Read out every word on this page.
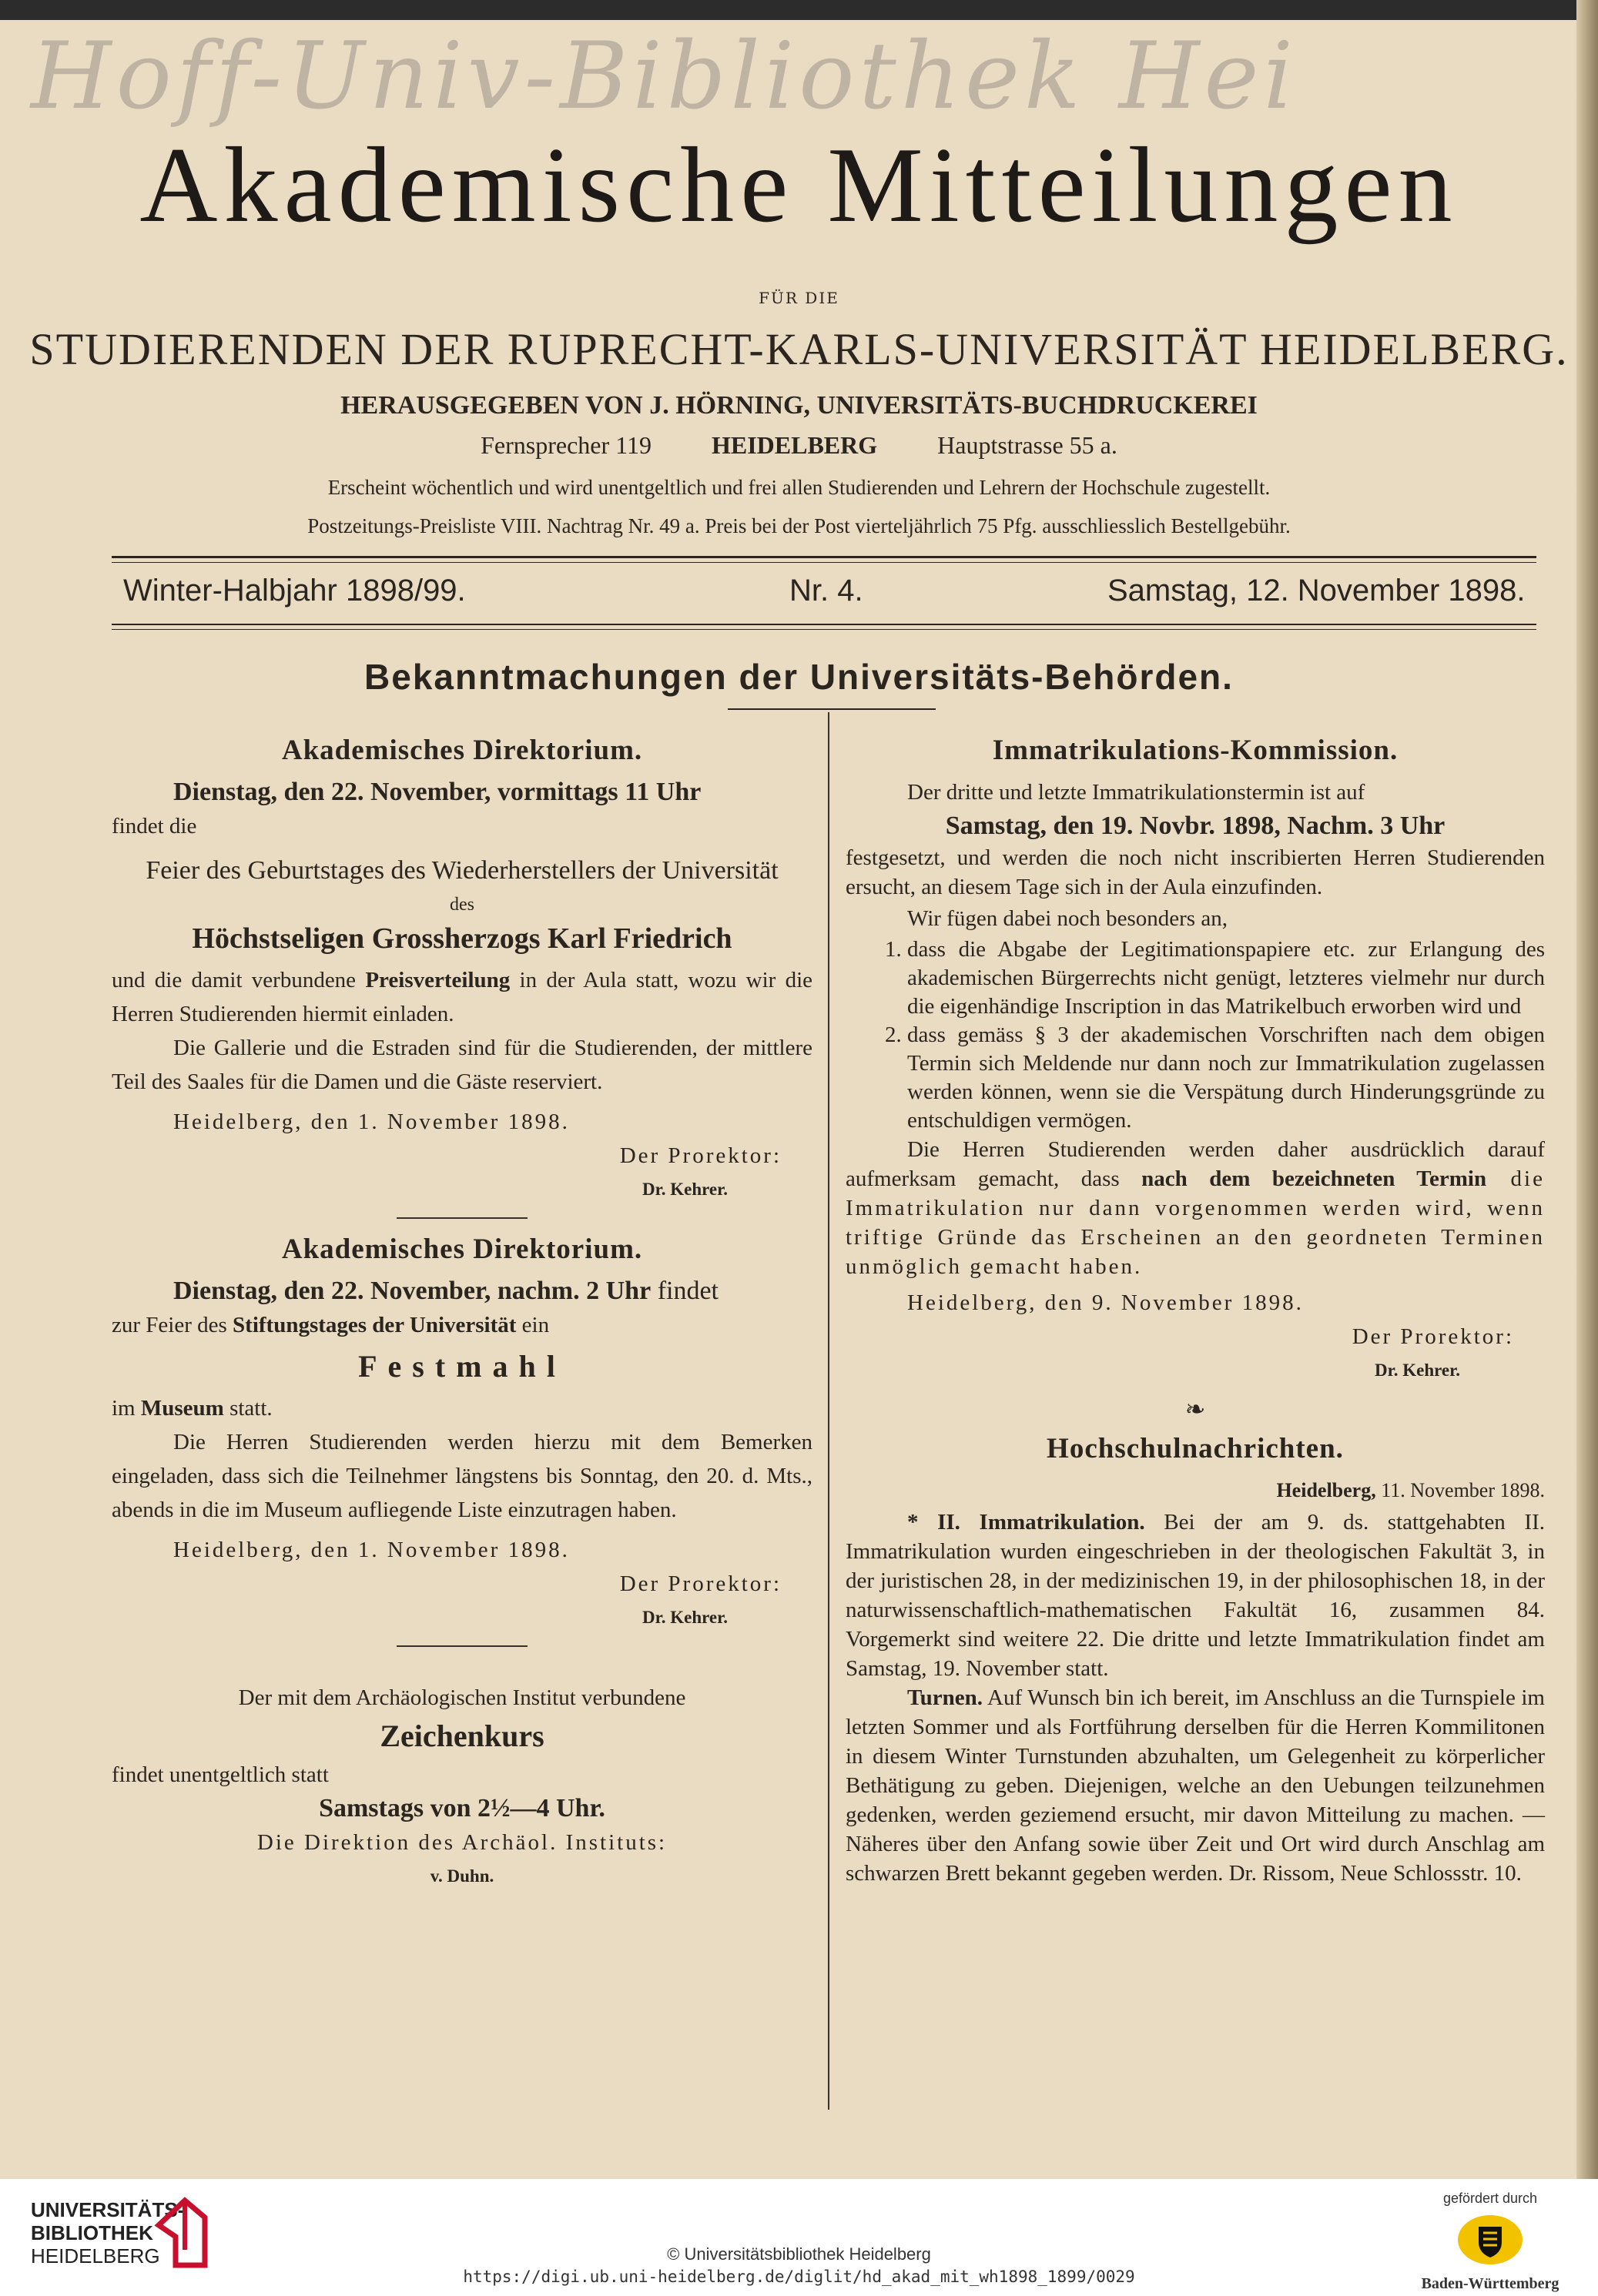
Hoff-Univ-Bibliothek Hei
Akademische Mitteilungen
FÜR DIE
STUDIERENDEN DER RUPRECHT-KARLS-UNIVERSITÄT HEIDELBERG.
HERAUSGEGEBEN VON J. HÖRNING, UNIVERSITÄTS-BUCHDRUCKEREI
Fernsprecher 119 HEIDELBERG Hauptstrasse 55 a.
Erscheint wöchentlich und wird unentgeltlich und frei allen Studierenden und Lehrern der Hochschule zugestellt.
Postzeitungs-Preisliste VIII. Nachtrag Nr. 49 a. Preis bei der Post vierteljährlich 75 Pfg. ausschliesslich Bestellgebühr.
Winter-Halbjahr 1898/99.	Nr. 4.	Samstag, 12. November 1898.
Bekanntmachungen der Universitäts-Behörden.
Akademisches Direktorium.

Dienstag, den 22. November, vormittags 11 Uhr

findet die

Feier des Geburtstages des Wiederherstellers der Universität

des

Höchstseligen Grossherzogs Karl Friedrich

und die damit verbundene Preisverteilung in der Aula statt, wozu wir die Herren Studierenden hiermit einladen.

Die Gallerie und die Estraden sind für die Studierenden, der mittlere Teil des Saales für die Damen und die Gäste reserviert.

Heidelberg, den 1. November 1898.

Der Prorektor:

Dr. Kehrer.

Akademisches Direktorium.

Dienstag, den 22. November, nachm. 2 Uhr findet

zur Feier des Stiftungstages der Universität ein

Festmahl

im Museum statt.

Die Herren Studierenden werden hierzu mit dem Bemerken eingeladen, dass sich die Teilnehmer längstens bis Sonntag, den 20. d. Mts., abends in die im Museum aufliegende Liste einzutragen haben.

Heidelberg, den 1. November 1898.

Der Prorektor:

Dr. Kehrer.

Der mit dem Archäologischen Institut verbundene

Zeichenkurs

findet unentgeltlich statt

Samstags von 2½—4 Uhr.

Die Direktion des Archäol. Instituts:

v. Duhn.

Immatrikulations-Kommission.

Der dritte und letzte Immatrikulationstermin ist auf

Samstag, den 19. Novbr. 1898, Nachm. 3 Uhr

festgesetzt, und werden die noch nicht inscribierten Herren Studierenden ersucht, an diesem Tage sich in der Aula einzufinden.

Wir fügen dabei noch besonders an,

1. dass die Abgabe der Legitimationspapiere etc. zur Erlangung des akademischen Bürgerrechts nicht genügt, letzteres vielmehr nur durch die eigenhändige Inscription in das Matrikelbuch erworben wird und
2. dass gemäss § 3 der akademischen Vorschriften nach dem obigen Termin sich Meldende nur dann noch zur Immatrikulation zugelassen werden können, wenn sie die Verspätung durch Hinderungsgründe zu entschuldigen vermögen.

Die Herren Studierenden werden daher ausdrücklich darauf aufmerksam gemacht, dass nach dem bezeichneten Termin die Immatrikulation nur dann vorgenommen werden wird, wenn triftige Gründe das Erscheinen an den geordneten Terminen unmöglich gemacht haben.

Heidelberg, den 9. November 1898.

Der Prorektor:

Dr. Kehrer.

❧
Hochschulnachrichten.

Heidelberg, 11. November 1898.

* II. Immatrikulation. Bei der am 9. ds. stattgehabten II. Immatrikulation wurden eingeschrieben in der theologischen Fakultät 3, in der juristischen 28, in der medizinischen 19, in der philosophischen 18, in der naturwissenschaftlich-mathematischen Fakultät 16, zusammen 84. Vorgemerkt sind weitere 22. Die dritte und letzte Immatrikulation findet am Samstag, 19. November statt.

Turnen. Auf Wunsch bin ich bereit, im Anschluss an die Turnspiele im letzten Sommer und als Fortführung derselben für die Herren Kommilitonen in diesem Winter Turnstunden abzuhalten, um Gelegenheit zu körperlicher Bethätigung zu geben. Diejenigen, welche an den Uebungen teilzunehmen gedenken, werden geziemend ersucht, mir davon Mitteilung zu machen. — Näheres über den Anfang sowie über Zeit und Ort wird durch Anschlag am schwarzen Brett bekannt gegeben werden. Dr. Rissom, Neue Schlossstr. 10.

UNIVERSITÄTS-
BIBLIOTHEK
HEIDELBERG	© Universitätsbibliothek Heidelberg
https://digi.ub.uni-heidelberg.de/diglit/hd_akad_mit_wh1898_1899/0029
gefördert durch
Baden-Württemberg
